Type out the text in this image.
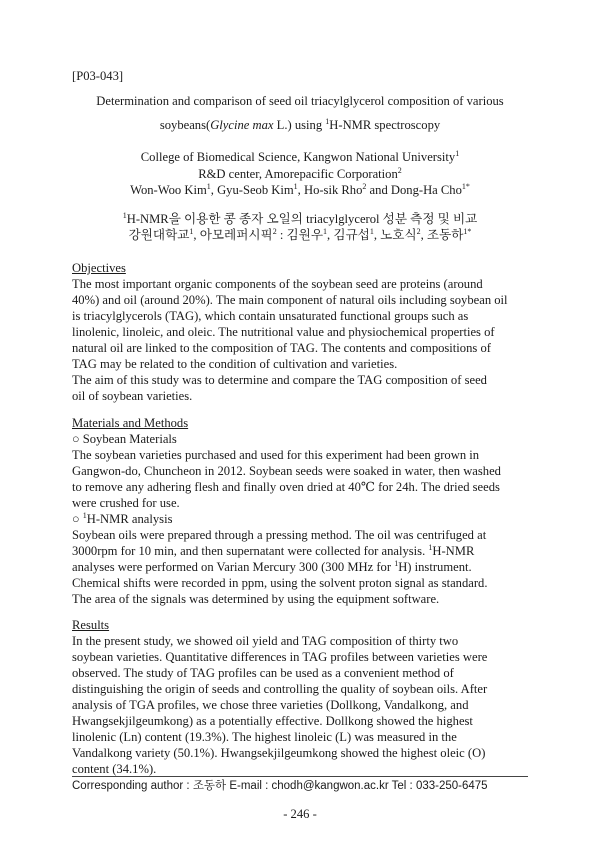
[P03-043]
Determination and comparison of seed oil triacylglycerol composition of various
soybeans(Glycine max L.) using $^1$H-NMR spectroscopy
College of Biomedical Science, Kangwon National University$^1$
R&D center, Amorepacific Corporation$^2$
Won-Woo Kim$^1$, Gyu-Seob Kim$^1$, Ho-sik Rho$^2$ and Dong-Ha Cho$^{1*}$
$^1$H-NMR을 이용한 콩 종자 오일의 triacylglycerol 성분 측정 및 비교
강원대학교$^1$, 아모레퍼시픽$^2$ : 김원우$^1$, 김규섭$^1$, 노호식$^2$, 조동하$^{1*}$
Objectives
The most important organic components of the soybean seed are proteins (around
40%) and oil (around 20%). The main component of natural oils including soybean oil
is triacylglycerols (TAG), which contain unsaturated functional groups such as
linolenic, linoleic, and oleic. The nutritional value and physiochemical properties of
natural oil are linked to the composition of TAG. The contents and compositions of
TAG may be related to the condition of cultivation and varieties.
The aim of this study was to determine and compare the TAG composition of seed
oil of soybean varieties.
Materials and Methods
○ Soybean Materials
The soybean varieties purchased and used for this experiment had been grown in
Gangwon-do, Chuncheon in 2012. Soybean seeds were soaked in water, then washed
to remove any adhering flesh and finally oven dried at 40℃ for 24h. The dried seeds
were crushed for use.
○ $^1$H-NMR analysis
Soybean oils were prepared through a pressing method. The oil was centrifuged at
3000rpm for 10 min, and then supernatant were collected for analysis. $^1$H-NMR
analyses were performed on Varian Mercury 300 (300 MHz for $^1$H) instrument.
Chemical shifts were recorded in ppm, using the solvent proton signal as standard.
The area of the signals was determined by using the equipment software.
Results
In the present study, we showed oil yield and TAG composition of thirty two
soybean varieties. Quantitative differences in TAG profiles between varieties were
observed. The study of TAG profiles can be used as a convenient method of
distinguishing the origin of seeds and controlling the quality of soybean oils. After
analysis of TGA profiles, we chose three varieties (Dollkong, Vandalkong, and
Hwangsekjilgeumkong) as a potentially effective. Dollkong showed the highest
linolenic (Ln) content (19.3%). The highest linoleic (L) was measured in the
Vandalkong variety (50.1%). Hwangsekjilgeumkong showed the highest oleic (O)
content (34.1%).
Corresponding author : 조동하 E-mail : chodh@kangwon.ac.kr Tel : 033-250-6475
- 246 -
